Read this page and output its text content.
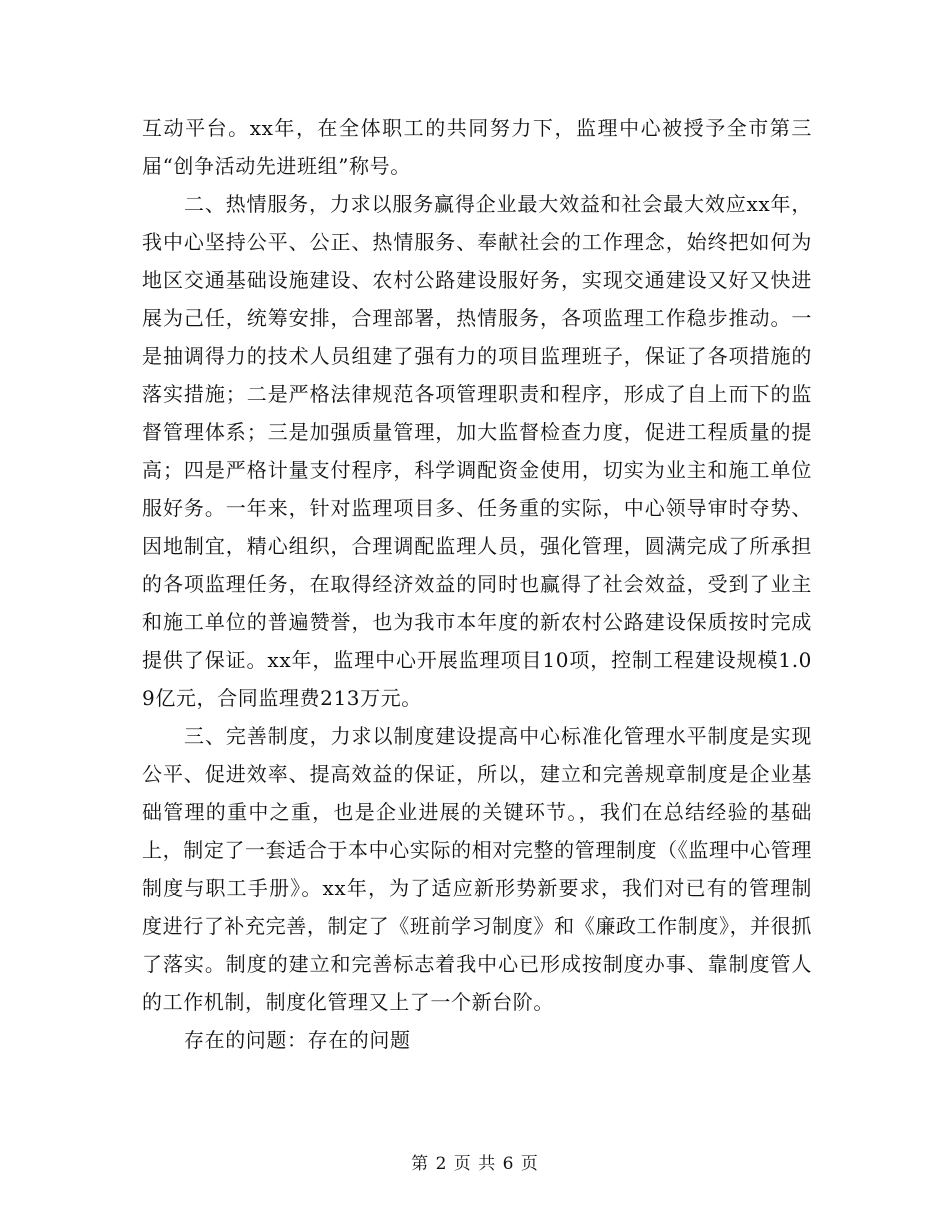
互动平台。xx年，在全体职工的共同努力下，监理中心被授予全市第三届“创争活动先进班组”称号。

二、热情服务，力求以服务赢得企业最大效益和社会最大效应xx年，我中心坚持公平、公正、热情服务、奉献社会的工作理念，始终把如何为地区交通基础设施建设、农村公路建设服好务，实现交通建设又好又快进展为己任，统筹安排，合理部署，热情服务，各项监理工作稳步推动。一是抽调得力的技术人员组建了强有力的项目监理班子，保证了各项措施的落实措施；二是严格法律规范各项管理职责和程序，形成了自上而下的监督管理体系；三是加强质量管理，加大监督检查力度，促进工程质量的提高；四是严格计量支付程序，科学调配资金使用，切实为业主和施工单位服好务。一年来，针对监理项目多、任务重的实际，中心领导审时夺势、因地制宜，精心组织，合理调配监理人员，强化管理，圆满完成了所承担的各项监理任务，在取得经济效益的同时也赢得了社会效益，受到了业主和施工单位的普遍赞誉，也为我市本年度的新农村公路建设保质按时完成提供了保证。xx年，监理中心开展监理项目10项，控制工程建设规模1.09亿元，合同监理费213万元。

三、完善制度，力求以制度建设提高中心标准化管理水平制度是实现公平、促进效率、提高效益的保证，所以，建立和完善规章制度是企业基础管理的重中之重，也是企业进展的关键环节。，我们在总结经验的基础上，制定了一套适合于本中心实际的相对完整的管理制度（《监理中心管理制度与职工手册》。xx年，为了适应新形势新要求，我们对已有的管理制度进行了补充完善，制定了《班前学习制度》和《廉政工作制度》，并很抓了落实。制度的建立和完善标志着我中心已形成按制度办事、靠制度管人的工作机制，制度化管理又上了一个新台阶。

存在的问题：存在的问题

第 2 页 共 6 页
